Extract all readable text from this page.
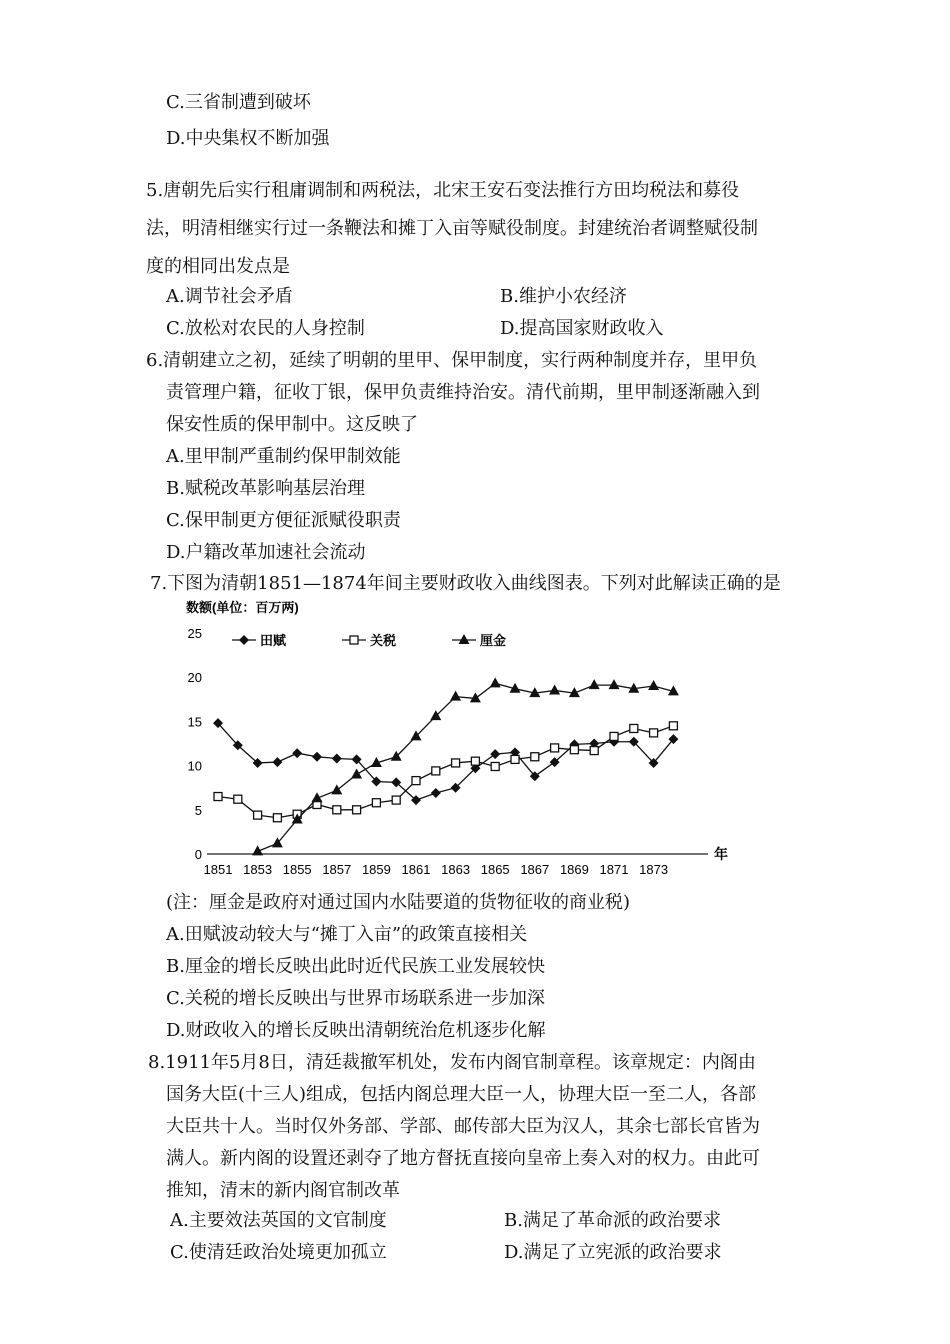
C.三省制遭到破坏
D.中央集权不断加强
5.唐朝先后实行租庸调制和两税法，北宋王安石变法推行方田均税法和募役
法，明清相继实行过一条鞭法和摊丁入亩等赋役制度。封建统治者调整赋役制
度的相同出发点是
A.调节社会矛盾	B.维护小农经济
C.放松对农民的人身控制	D.提高国家财政收入
6.清朝建立之初，延续了明朝的里甲、保甲制度，实行两种制度并存，里甲负
责管理户籍，征收丁银，保甲负责维持治安。清代前期，里甲制逐渐融入到
保安性质的保甲制中。这反映了
A.里甲制严重制约保甲制效能
B.赋税改革影响基层治理
C.保甲制更方便征派赋役职责
D.户籍改革加速社会流动
7.下图为清朝1851—1874年间主要财政收入曲线图表。下列对此解读正确的是
数额(单位：百万两)
0
5
10
15
20
25
1851 1853 1855 1857 1859 1861 1863 1865 1867 1869 1871 1873
年
田赋	关税	厘金
(注：厘金是政府对通过国内水陆要道的货物征收的商业税)
A.田赋波动较大与“摊丁入亩”的政策直接相关
B.厘金的增长反映出此时近代民族工业发展较快
C.关税的增长反映出与世界市场联系进一步加深
D.财政收入的增长反映出清朝统治危机逐步化解
8.1911年5月8日，清廷裁撤军机处，发布内阁官制章程。该章规定：内阁由
国务大臣(十三人)组成，包括内阁总理大臣一人，协理大臣一至二人，各部
大臣共十人。当时仅外务部、学部、邮传部大臣为汉人，其余七部长官皆为
满人。新内阁的设置还剥夺了地方督抚直接向皇帝上奏入对的权力。由此可
推知，清末的新内阁官制改革
A.主要效法英国的文官制度	B.满足了革命派的政治要求
C.使清廷政治处境更加孤立	D.满足了立宪派的政治要求
